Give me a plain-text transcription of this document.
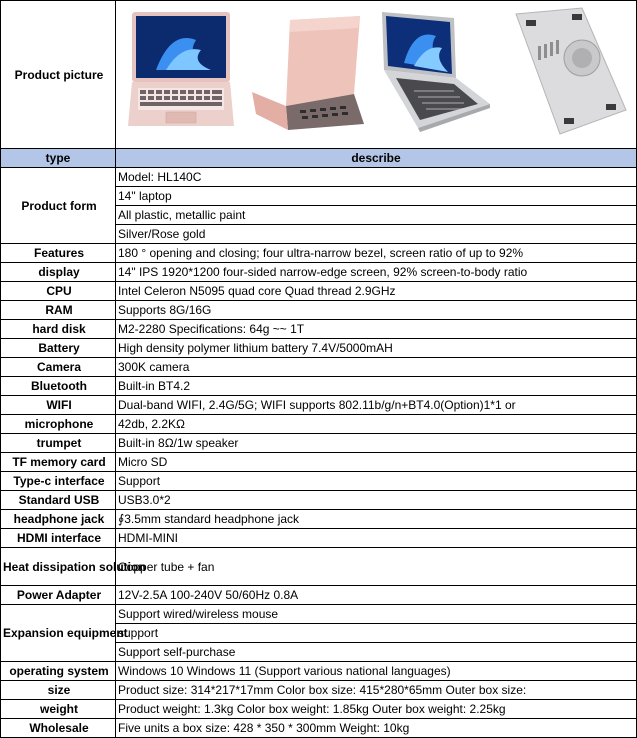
Product picture	

type	describe
Product form	Model: HL140C
	14" laptop
	All plastic, metallic paint
	Silver/Rose gold
Features	180 ° opening and closing; four ultra-narrow bezel, screen ratio of up to 92%
display	14" IPS 1920*1200 four-sided narrow-edge screen, 92% screen-to-body ratio
CPU	Intel Celeron N5095 quad core Quad thread 2.9GHz
RAM	Supports 8G/16G
hard disk	M2-2280 Specifications: 64g ~~ 1T
Battery	High density polymer lithium battery 7.4V/5000mAH
Camera	300K camera
Bluetooth	Built-in BT4.2
WIFI	Dual-band WIFI, 2.4G/5G; WIFI supports 802.11b/g/n+BT4.0(Option)1*1 or
microphone	42db, 2.2KΩ
trumpet	Built-in 8Ω/1w speaker
TF memory card	Micro SD
Type-c interface	Support
Standard USB	USB3.0*2
headphone jack	∮3.5mm standard headphone jack
HDMI interface	HDMI-MINI
Heat dissipation solution	Copper tube + fan
Power Adapter	12V-2.5A 100-240V 50/60Hz 0.8A
Expansion equipment	Support wired/wireless mouse
	support
	Support self-purchase
operating system	Windows 10 Windows 11 (Support various national languages)
size	Product size: 314*217*17mm Color box size: 415*280*65mm Outer box size:
weight	Product weight: 1.3kg Color box weight: 1.85kg Outer box weight: 2.25kg
Wholesale	Five units a box size: 428 * 350 * 300mm Weight: 10kg
